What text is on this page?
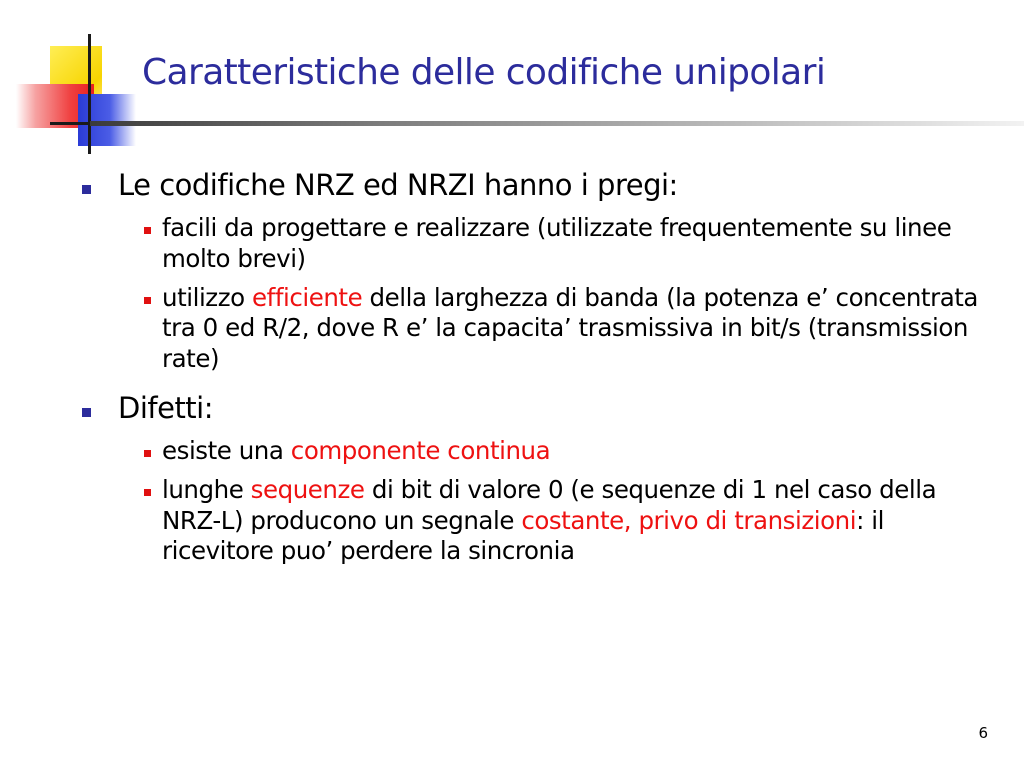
Caratteristiche delle codifiche unipolari
Le codifiche NRZ ed NRZI hanno i pregi:
facili da progettare e realizzare (utilizzate frequentemente su linee molto brevi)
utilizzo efficiente della larghezza di banda (la potenza e’ concentrata tra 0 ed R/2, dove R e’ la capacita’ trasmissiva in bit/s (transmission rate)
Difetti:
esiste una componente continua
lunghe sequenze di bit di valore 0 (e sequenze di 1 nel caso della NRZ-L) producono un segnale costante, privo di transizioni: il ricevitore puo’ perdere la sincronia
6
